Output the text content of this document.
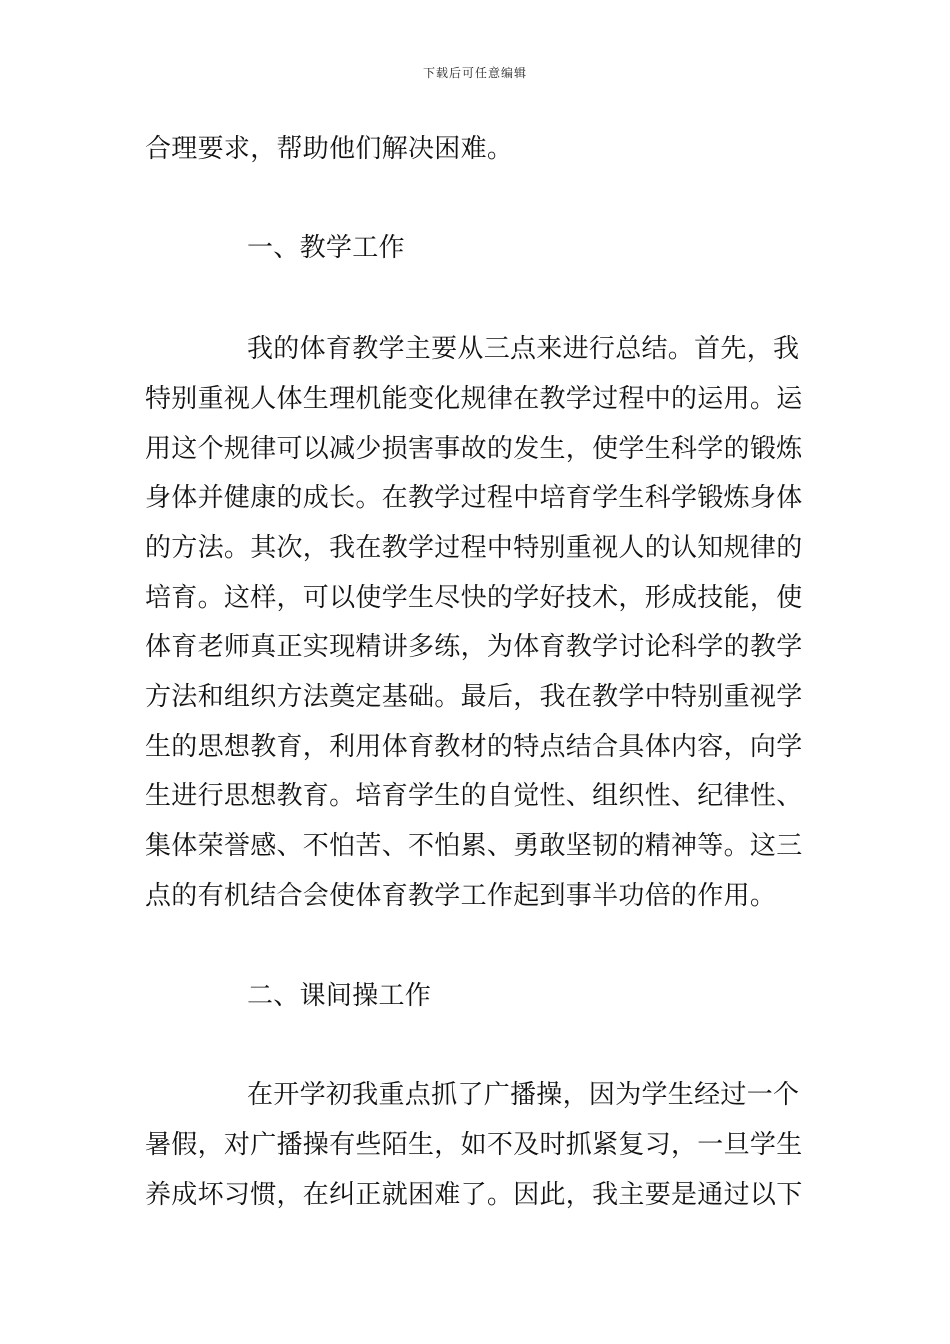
下载后可任意编辑
合理要求，帮助他们解决困难。
一、教学工作
我的体育教学主要从三点来进行总结。首先，我
特别重视人体生理机能变化规律在教学过程中的运用。运
用这个规律可以减少损害事故的发生，使学生科学的锻炼
身体并健康的成长。在教学过程中培育学生科学锻炼身体
的方法。其次，我在教学过程中特别重视人的认知规律的
培育。这样，可以使学生尽快的学好技术，形成技能，使
体育老师真正实现精讲多练，为体育教学讨论科学的教学
方法和组织方法奠定基础。最后，我在教学中特别重视学
生的思想教育，利用体育教材的特点结合具体内容，向学
生进行思想教育。培育学生的自觉性、组织性、纪律性、
集体荣誉感、不怕苦、不怕累、勇敢坚韧的精神等。这三
点的有机结合会使体育教学工作起到事半功倍的作用。
二、课间操工作
在开学初我重点抓了广播操，因为学生经过一个
暑假，对广播操有些陌生，如不及时抓紧复习，一旦学生
养成坏习惯，在纠正就困难了。因此，我主要是通过以下
